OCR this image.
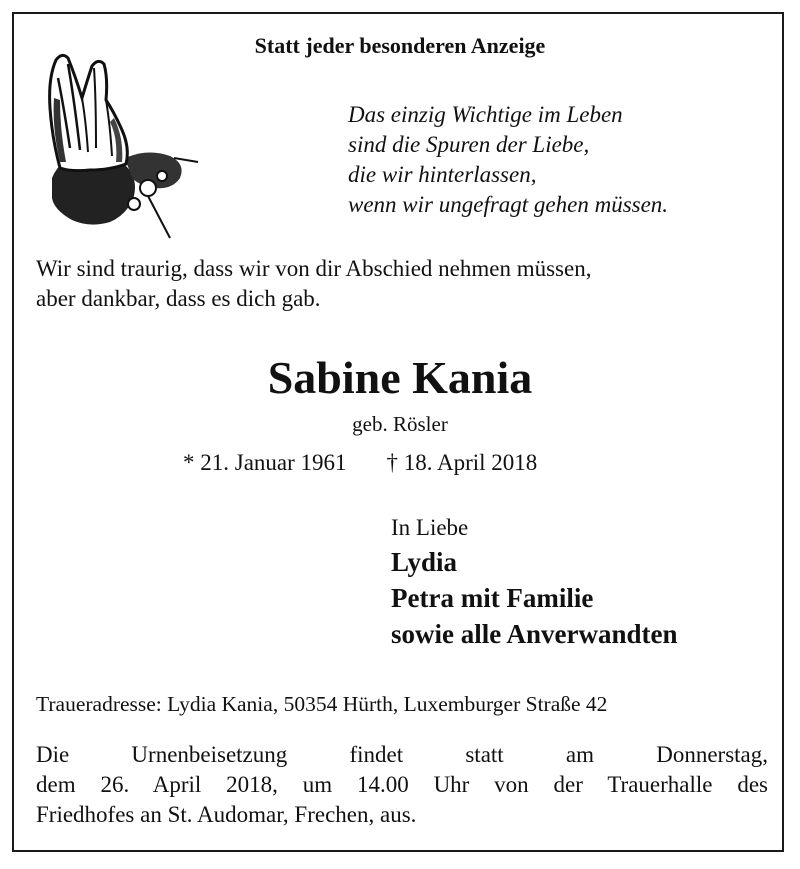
Statt jeder besonderen Anzeige
Das einzig Wichtige im Leben
sind die Spuren der Liebe,
die wir hinterlassen,
wenn wir ungefragt gehen müssen.
Wir sind traurig, dass wir von dir Abschied nehmen müssen,
aber dankbar, dass es dich gab.
Sabine Kania
geb. Rösler
* 21. Januar 1961 † 18. April 2018
In Liebe
Lydia
Petra mit Familie
sowie alle Anverwandten
Traueradresse: Lydia Kania, 50354 Hürth, Luxemburger Straße 42
Die Urnenbeisetzung findet statt am Donnerstag,
dem 26. April 2018, um 14.00 Uhr von der Trauerhalle des
Friedhofes an St. Audomar, Frechen, aus.
